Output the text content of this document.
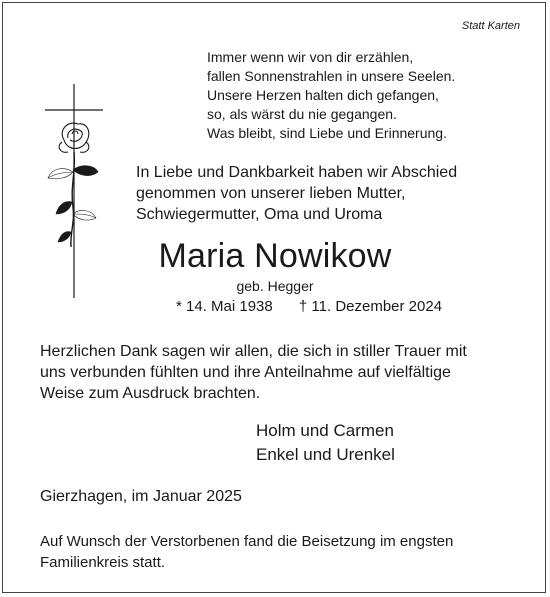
Statt Karten
Immer wenn wir von dir erzählen,
fallen Sonnenstrahlen in unsere Seelen.
Unsere Herzen halten dich gefangen,
so, als wärst du nie gegangen.
Was bleibt, sind Liebe und Erinnerung.
In Liebe und Dankbarkeit haben wir Abschied
genommen von unserer lieben Mutter,
Schwiegermutter, Oma und Uroma
Maria Nowikow
geb. Hegger
* 14. Mai 1938 † 11. Dezember 2024
Herzlichen Dank sagen wir allen, die sich in stiller Trauer mit
uns verbunden fühlten und ihre Anteilnahme auf vielfältige
Weise zum Ausdruck brachten.
Holm und Carmen
Enkel und Urenkel
Gierzhagen, im Januar 2025
Auf Wunsch der Verstorbenen fand die Beisetzung im engsten
Familienkreis statt.
